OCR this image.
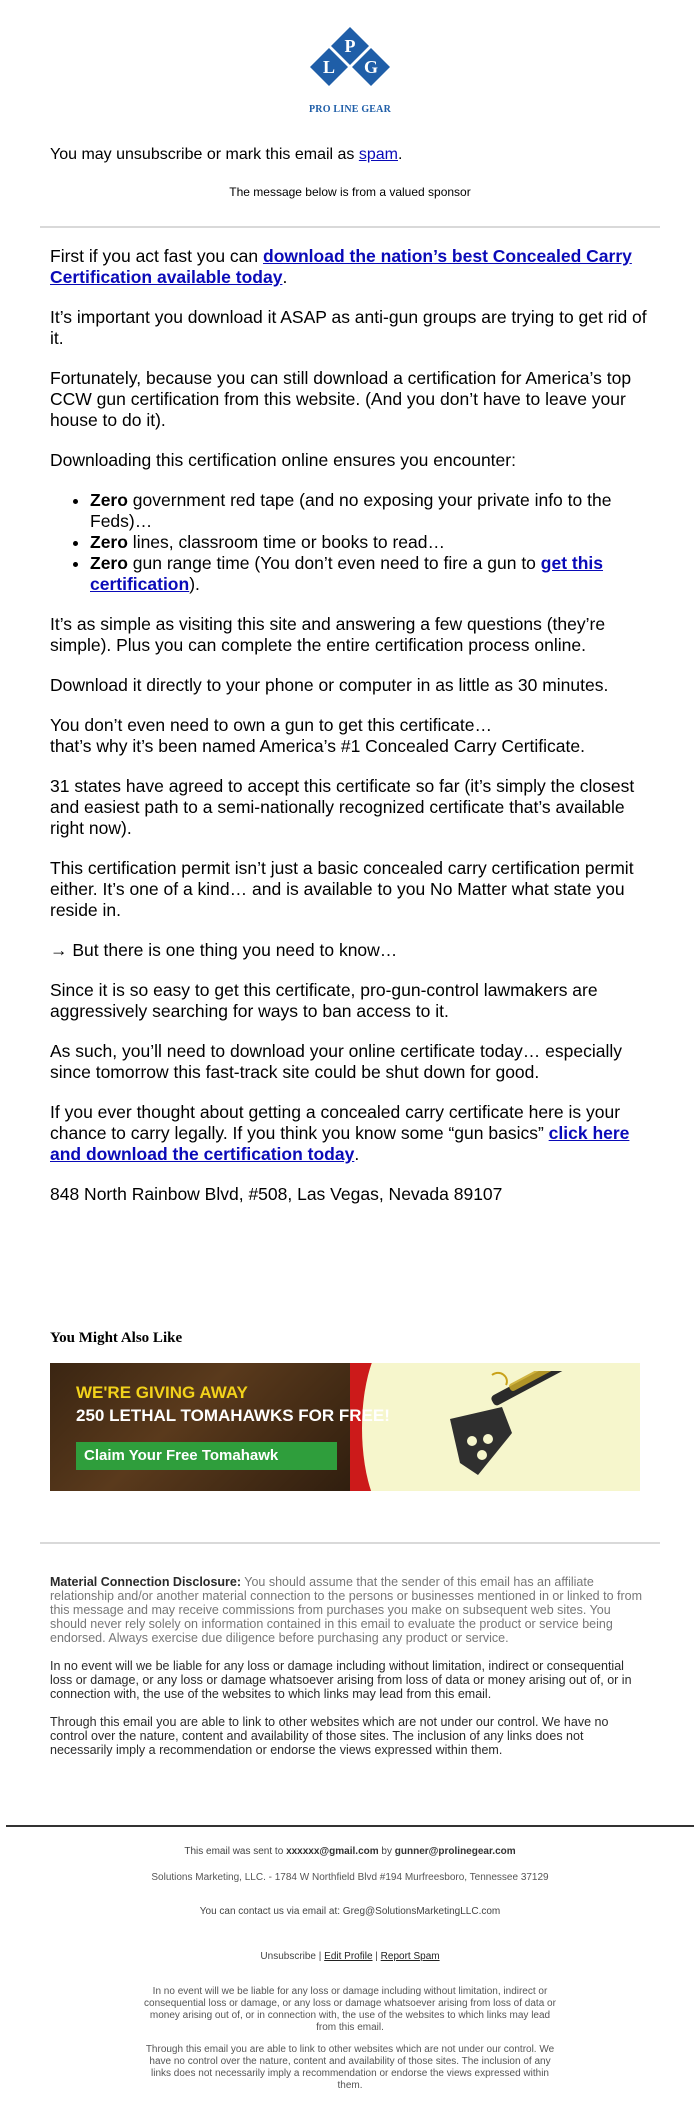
P
L G
PRO LINE GEAR
You may unsubscribe or mark this email as spam.
The message below is from a valued sponsor

First if you act fast you can download the nation’s best Concealed Carry Certification available today.

It’s important you download it ASAP as anti-gun groups are trying to get rid of it.

Fortunately, because you can still download a certification for America’s top CCW gun certification from this website. (And you don’t have to leave your house to do it).

Downloading this certification online ensures you encounter:

• Zero government red tape (and no exposing your private info to the Feds)…
• Zero lines, classroom time or books to read…
• Zero gun range time (You don’t even need to fire a gun to get this certification).

It’s as simple as visiting this site and answering a few questions (they’re simple). Plus you can complete the entire certification process online.

Download it directly to your phone or computer in as little as 30 minutes.

You don’t even need to own a gun to get this certificate…
that’s why it’s been named America’s #1 Concealed Carry Certificate.

31 states have agreed to accept this certificate so far (it’s simply the closest and easiest path to a semi-nationally recognized certificate that’s available right now).

This certification permit isn’t just a basic concealed carry certification permit either. It’s one of a kind… and is available to you No Matter what state you reside in.

→ But there is one thing you need to know…

Since it is so easy to get this certificate, pro-gun-control lawmakers are aggressively searching for ways to ban access to it.

As such, you’ll need to download your online certificate today… especially since tomorrow this fast-track site could be shut down for good.

If you ever thought about getting a concealed carry certificate here is your chance to carry legally. If you think you know some “gun basics” click here and download the certification today.

848 North Rainbow Blvd, #508, Las Vegas, Nevada 89107

You Might Also Like
WE'RE GIVING AWAY
250 LETHAL TOMAHAWKS FOR FREE!
Claim Your Free Tomahawk

Material Connection Disclosure: You should assume that the sender of this email has an affiliate relationship and/or another material connection to the persons or businesses mentioned in or linked to from this message and may receive commissions from purchases you make on subsequent web sites. You should never rely solely on information contained in this email to evaluate the product or service being endorsed. Always exercise due diligence before purchasing any product or service.

In no event will we be liable for any loss or damage including without limitation, indirect or consequential loss or damage, or any loss or damage whatsoever arising from loss of data or money arising out of, or in connection with, the use of the websites to which links may lead from this email.

Through this email you are able to link to other websites which are not under our control. We have no control over the nature, content and availability of those sites. The inclusion of any links does not necessarily imply a recommendation or endorse the views expressed within them.

This email was sent to xxxxxx@gmail.com by gunner@prolinegear.com
Solutions Marketing, LLC. - 1784 W Northfield Blvd #194 Murfreesboro, Tennessee 37129
You can contact us via email at: Greg@SolutionsMarketingLLC.com
Unsubscribe | Edit Profile | Report Spam
In no event will we be liable for any loss or damage including without limitation, indirect or consequential loss or damage, or any loss or damage whatsoever arising from loss of data or money arising out of, or in connection with, the use of the websites to which links may lead from this email.
Through this email you are able to link to other websites which are not under our control. We have no control over the nature, content and availability of those sites. The inclusion of any links does not necessarily imply a recommendation or endorse the views expressed within them.
